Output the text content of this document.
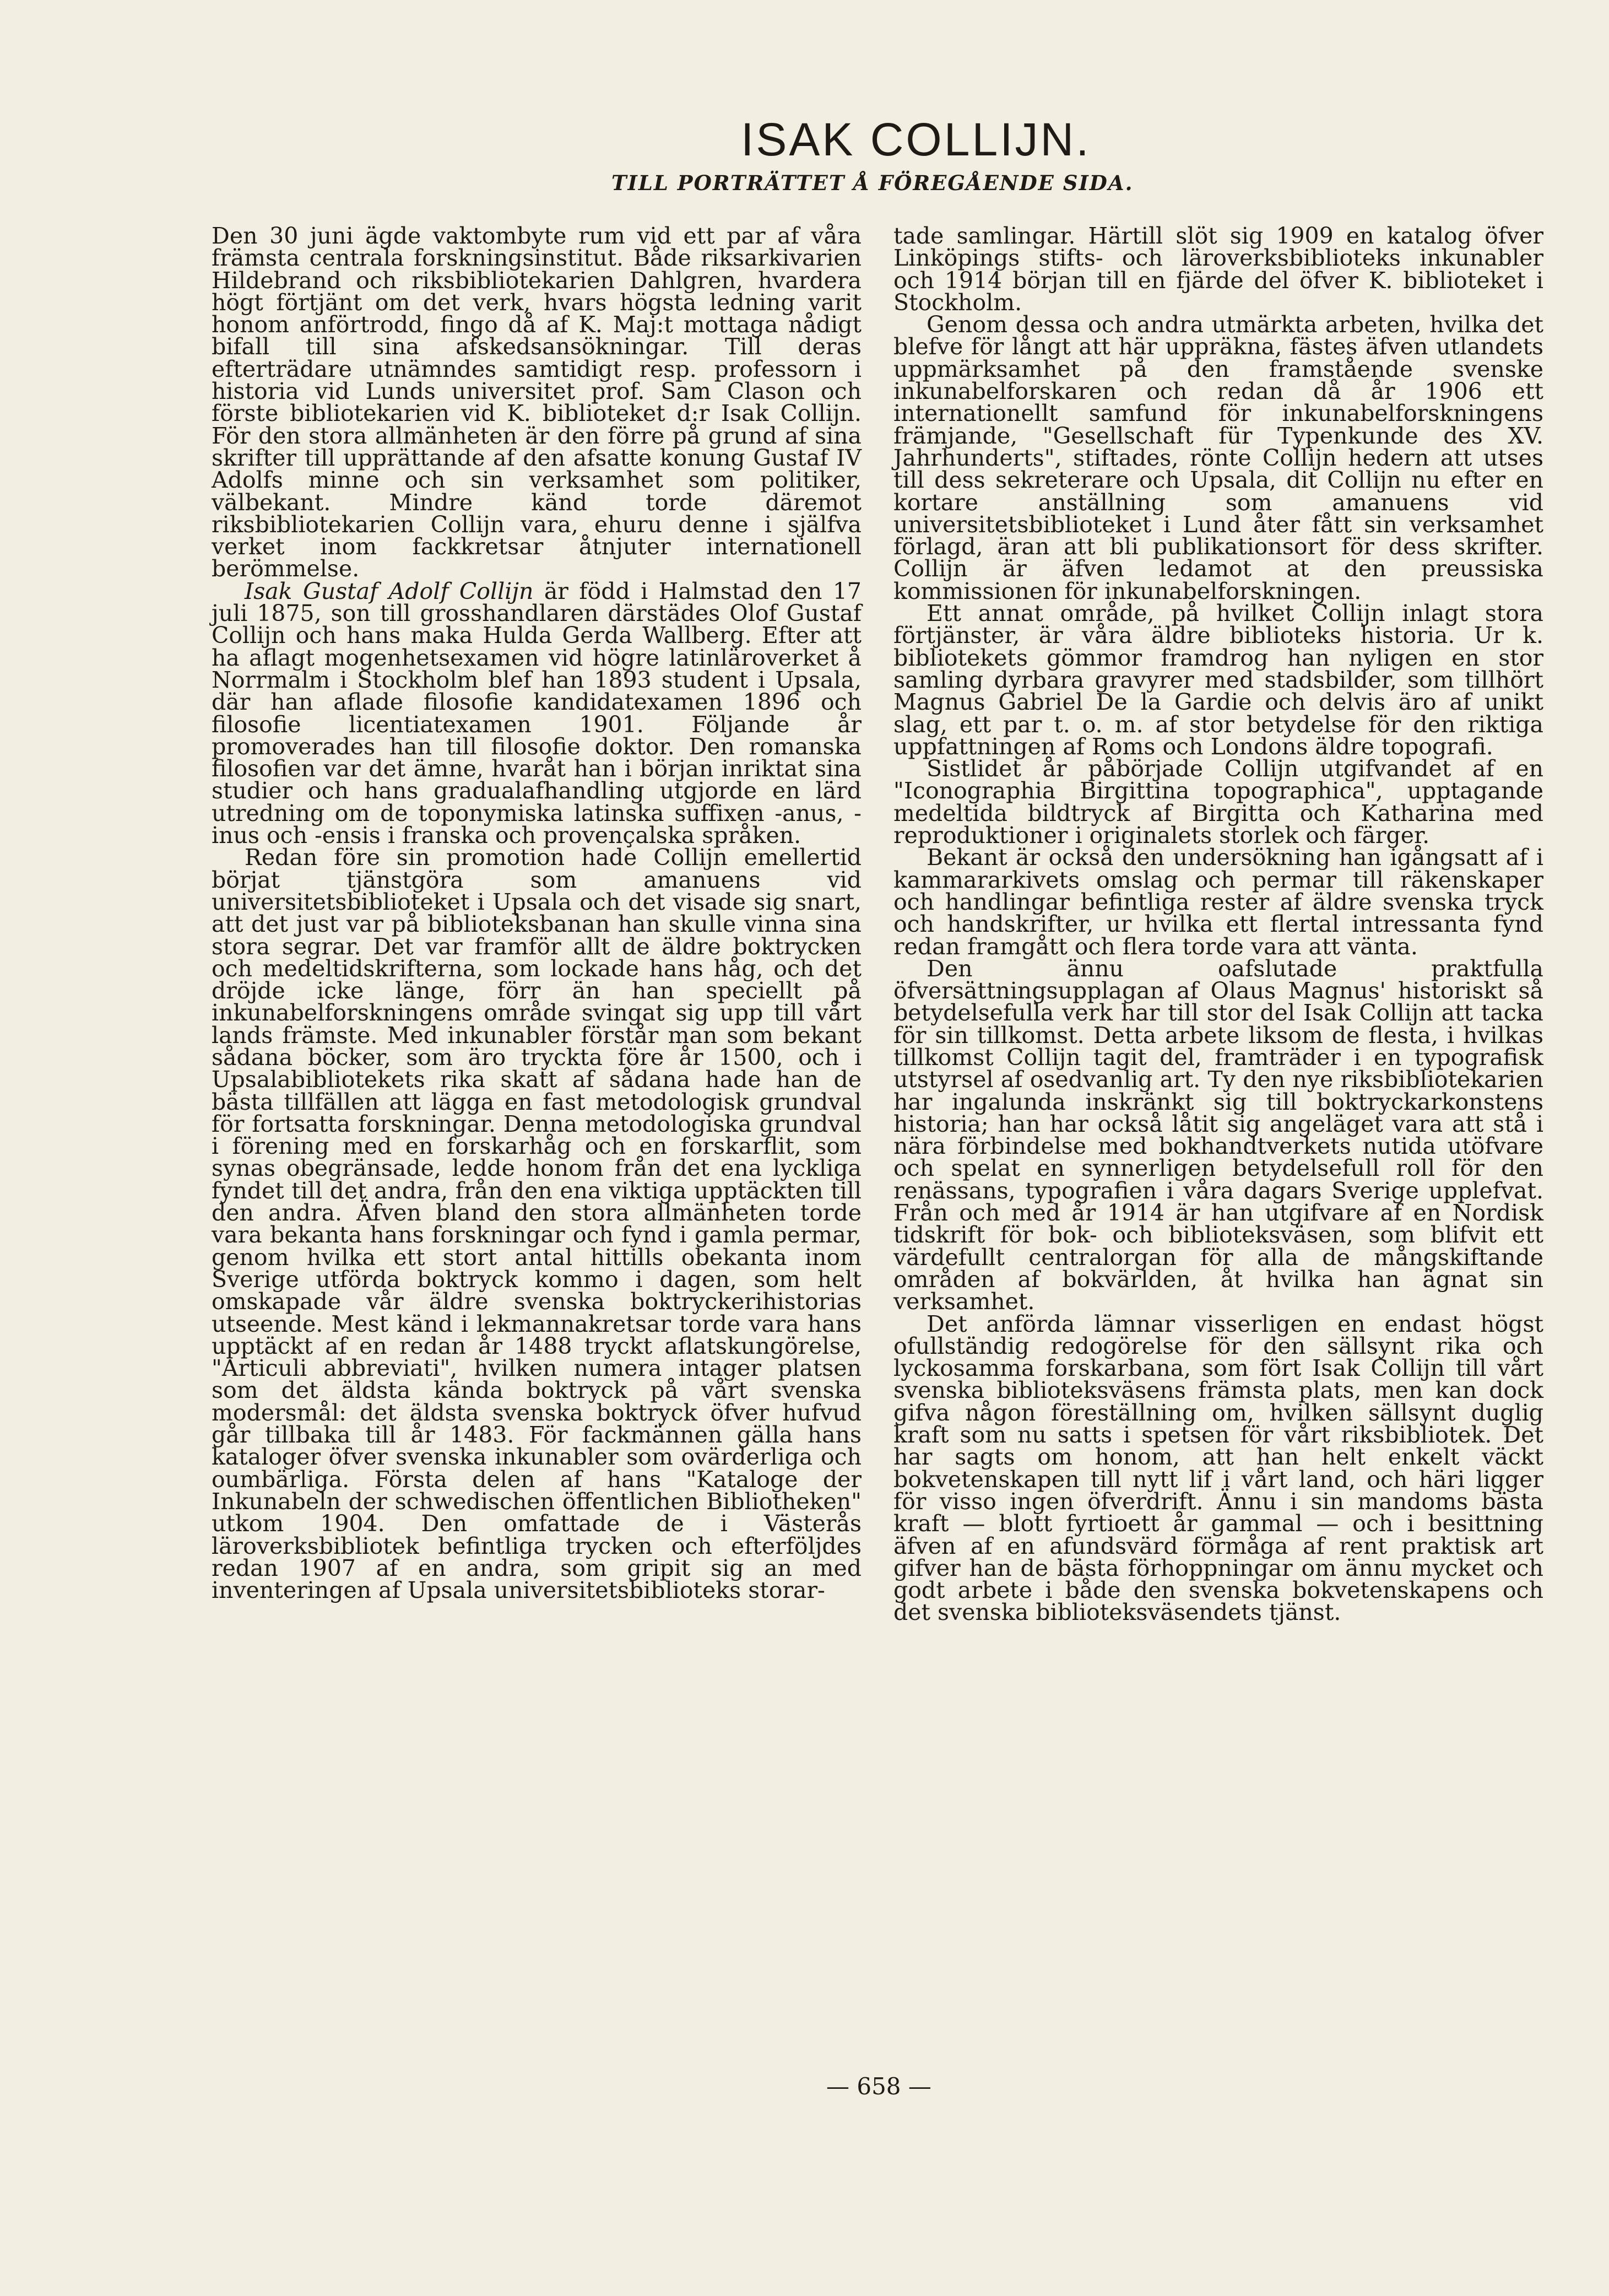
ISAK COLLIJN.
TILL PORTRÄTTET Å FÖREGÅENDE SIDA.

Den 30 juni ägde vaktombyte rum vid ett par af våra främsta centrala forskningsinstitut. Både riksarkivarien Hildebrand och riksbibliotekarien Dahlgren, hvardera högt förtjänt om det verk, hvars högsta ledning varit honom anförtrodd, fingo då af K. Maj:t mottaga nådigt bifall till sina afskedsansökningar. Till deras efterträdare utnämndes samtidigt resp. professorn i historia vid Lunds universitet prof. Sam Clason och förste bibliotekarien vid K. biblioteket d:r Isak Collijn. För den stora allmänheten är den förre på grund af sina skrifter till upprättande af den afsatte konung Gustaf IV Adolfs minne och sin verksamhet som politiker, välbekant. Mindre känd torde däremot riksbibliotekarien Collijn vara, ehuru denne i själfva verket inom fackkretsar åtnjuter internationell berömmelse.

Isak Gustaf Adolf Collijn är född i Halmstad den 17 juli 1875, son till grosshandlaren därstädes Olof Gustaf Collijn och hans maka Hulda Gerda Wallberg. Efter att ha aflagt mogenhetsexamen vid högre latinläroverket å Norrmalm i Stockholm blef han 1893 student i Upsala, där han aflade filosofie kandidatexamen 1896 och filosofie licentiatexamen 1901. Följande år promoverades han till filosofie doktor. Den romanska filosofien var det ämne, hvaråt han i början inriktat sina studier och hans gradualafhandling utgjorde en lärd utredning om de toponymiska latinska suffixen -anus, -inus och -ensis i franska och provençalska språken.

Redan före sin promotion hade Collijn emellertid börjat tjänstgöra som amanuens vid universitetsbiblioteket i Upsala och det visade sig snart, att det just var på biblioteksbanan han skulle vinna sina stora segrar. Det var framför allt de äldre boktrycken och medeltidskrifterna, som lockade hans håg, och det dröjde icke länge, förr än han speciellt på inkunabelforskningens område svingat sig upp till vårt lands främste. Med inkunabler förstår man som bekant sådana böcker, som äro tryckta före år 1500, och i Upsalabibliotekets rika skatt af sådana hade han de bästa tillfällen att lägga en fast metodologisk grundval för fortsatta forskningar. Denna metodologiska grundval i förening med en forskarhåg och en forskarflit, som synas obegränsade, ledde honom från det ena lyckliga fyndet till det andra, från den ena viktiga upptäckten till den andra. Äfven bland den stora allmänheten torde vara bekanta hans forskningar och fynd i gamla permar, genom hvilka ett stort antal hittills obekanta inom Sverige utförda boktryck kommo i dagen, som helt omskapade vår äldre svenska boktryckerihistorias utseende. Mest känd i lekmannakretsar torde vara hans upptäckt af en redan år 1488 tryckt aflatskungörelse, "Articuli abbreviati", hvilken numera intager platsen som det äldsta kända boktryck på vårt svenska modersmål: det äldsta svenska boktryck öfver hufvud går tillbaka till år 1483. För fackmännen gälla hans kataloger öfver svenska inkunabler som ovärderliga och oumbärliga. Första delen af hans "Kataloge der Inkunabeln der schwedischen öffentlichen Bibliotheken" utkom 1904. Den omfattade de i Västerås läroverksbibliotek befintliga trycken och efterföljdes redan 1907 af en andra, som gripit sig an med inventeringen af Upsala universitetsbiblioteks storar-

tade samlingar. Härtill slöt sig 1909 en katalog öfver Linköpings stifts- och läroverksbiblioteks inkunabler och 1914 början till en fjärde del öfver K. biblioteket i Stockholm.

Genom dessa och andra utmärkta arbeten, hvilka det blefve för långt att här uppräkna, fästes äfven utlandets uppmärksamhet på den framstående svenske inkunabelforskaren och redan då år 1906 ett internationellt samfund för inkunabelforskningens främjande, "Gesellschaft für Typenkunde des XV. Jahrhunderts", stiftades, rönte Collijn hedern att utses till dess sekreterare och Upsala, dit Collijn nu efter en kortare anställning som amanuens vid universitetsbiblioteket i Lund åter fått sin verksamhet förlagd, äran att bli publikationsort för dess skrifter. Collijn är äfven ledamot at den preussiska kommissionen för inkunabelforskningen.

Ett annat område, på hvilket Collijn inlagt stora förtjänster, är våra äldre biblioteks historia. Ur k. bibliotekets gömmor framdrog han nyligen en stor samling dyrbara gravyrer med stadsbilder, som tillhört Magnus Gabriel De la Gardie och delvis äro af unikt slag, ett par t. o. m. af stor betydelse för den riktiga uppfattningen af Roms och Londons äldre topografi.

Sistlidet år påbörjade Collijn utgifvandet af en "Iconographia Birgittina topographica", upptagande medeltida bildtryck af Birgitta och Katharina med reproduktioner i originalets storlek och färger.

Bekant är också den undersökning han igångsatt af i kammararkivets omslag och permar till räkenskaper och handlingar befintliga rester af äldre svenska tryck och handskrifter, ur hvilka ett flertal intressanta fynd redan framgått och flera torde vara att vänta.

Den ännu oafslutade praktfulla öfversättningsupplagan af Olaus Magnus' historiskt så betydelsefulla verk har till stor del Isak Collijn att tacka för sin tillkomst. Detta arbete liksom de flesta, i hvilkas tillkomst Collijn tagit del, framträder i en typografisk utstyrsel af osedvanlig art. Ty den nye riksbibliotekarien har ingalunda inskränkt sig till boktryckarkonstens historia; han har också låtit sig angeläget vara att stå i nära förbindelse med bokhandtverkets nutida utöfvare och spelat en synnerligen betydelsefull roll för den renässans, typografien i våra dagars Sverige upplefvat. Från och med år 1914 är han utgifvare af en Nordisk tidskrift för bok- och biblioteksväsen, som blifvit ett värdefullt centralorgan för alla de mångskiftande områden af bokvärlden, åt hvilka han ägnat sin verksamhet.

Det anförda lämnar visserligen en endast högst ofullständig redogörelse för den sällsynt rika och lyckosamma forskarbana, som fört Isak Collijn till vårt svenska biblioteksväsens främsta plats, men kan dock gifva någon föreställning om, hvilken sällsynt duglig kraft som nu satts i spetsen för vårt riksbibliotek. Det har sagts om honom, att han helt enkelt väckt bokvetenskapen till nytt lif i vårt land, och häri ligger för visso ingen öfverdrift. Ännu i sin mandoms bästa kraft — blott fyrtioett år gammal — och i besittning äfven af en afundsvärd förmåga af rent praktisk art gifver han de bästa förhoppningar om ännu mycket och godt arbete i både den svenska bokvetenskapens och det svenska biblioteksväsendets tjänst.

— 658 —
